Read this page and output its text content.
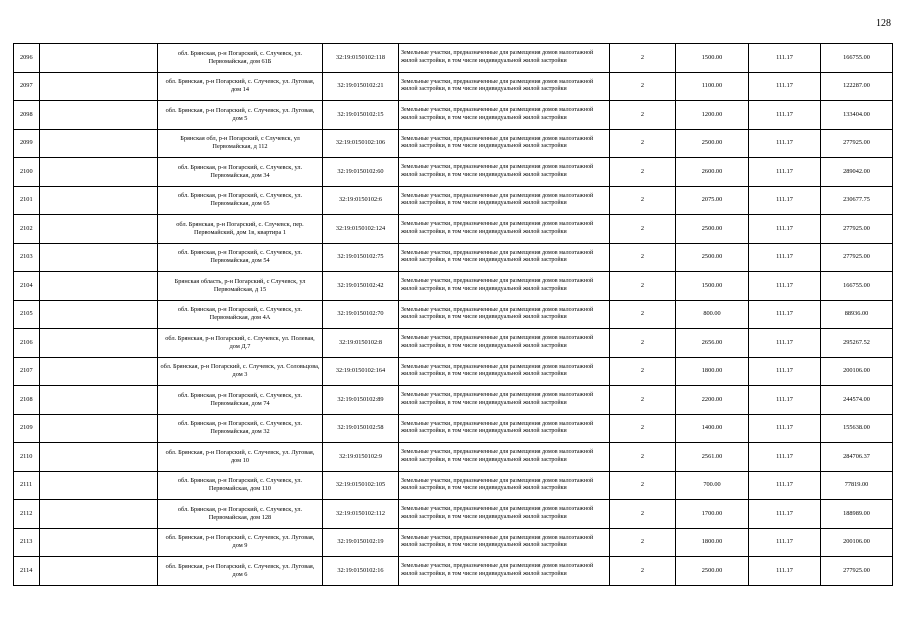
128
2096		обл. Брянская, р-н Погарский, с. Случевск, ул. Первомайская, дом 61Б	32:19:0150102:118	Земельные участки, предназначенные для размещения домов малоэтажной жилой застройки, в том числе индивидуальной жилой застройки	2	1500.00	111.17	166755.00
2097		обл. Брянская, р-н Погарский, с. Случевск, ул. Луговая, дом 14	32:19:0150102:21	Земельные участки, предназначенные для размещения домов малоэтажной жилой застройки, в том числе индивидуальной жилой застройки	2	1100.00	111.17	122287.00
2098		обл. Брянская, р-н Погарский, с. Случевск, ул. Луговая, дом 5	32:19:0150102:15	Земельные участки, предназначенные для размещения домов малоэтажной жилой застройки, в том числе индивидуальной жилой застройки	2	1200.00	111.17	133404.00
2099		Брянская обл, р-н Погарский, с Случевск, ул Первомайская, д 112	32:19:0150102:106	Земельные участки, предназначенные для размещения домов малоэтажной жилой застройки, в том числе индивидуальной жилой застройки	2	2500.00	111.17	277925.00
2100		обл. Брянская, р-н Погарский, с. Случевск, ул. Первомайская, дом 34	32:19:0150102:60	Земельные участки, предназначенные для размещения домов малоэтажной жилой застройки, в том числе индивидуальной жилой застройки	2	2600.00	111.17	289042.00
2101		обл. Брянская, р-н Погарский, с. Случевск, ул. Первомайская, дом 65	32:19:0150102:6	Земельные участки, предназначенные для размещения домов малоэтажной жилой застройки, в том числе индивидуальной жилой застройки	2	2075.00	111.17	230677.75
2102		обл. Брянская, р-н Погарский, с. Случевск, пер. Первомайский, дом 1в, квартира 1	32:19:0150102:124	Земельные участки, предназначенные для размещения домов малоэтажной жилой застройки, в том числе индивидуальной жилой застройки	2	2500.00	111.17	277925.00
2103		обл. Брянская, р-н Погарский, с. Случевск, ул. Первомайская, дом 54	32:19:0150102:75	Земельные участки, предназначенные для размещения домов малоэтажной жилой застройки, в том числе индивидуальной жилой застройки	2	2500.00	111.17	277925.00
2104		Брянская область, р-н Погарский, с Случевск, ул Первомайская, д 15	32:19:0150102:42	Земельные участки, предназначенные для размещения домов малоэтажной жилой застройки, в том числе индивидуальной жилой застройки	2	1500.00	111.17	166755.00
2105		обл. Брянская, р-н Погарский, с. Случевск, ул. Первомайская, дом 4А	32:19:0150102:70	Земельные участки, предназначенные для размещения домов малоэтажной жилой застройки, в том числе индивидуальной жилой застройки	2	800.00	111.17	88936.00
2106		обл. Брянская, р-н Погарский, с. Случевск, ул. Полевая, дом Д.7	32:19:0150102:8	Земельные участки, предназначенные для размещения домов малоэтажной жилой застройки, в том числе индивидуальной жилой застройки	2	2656.00	111.17	295267.52
2107		обл. Брянская, р-н Погарский, с. Случевск, ул. Соловьцова, дом 3	32:19:0150102:164	Земельные участки, предназначенные для размещения домов малоэтажной жилой застройки, в том числе индивидуальной жилой застройки	2	1800.00	111.17	200106.00
2108		обл. Брянская, р-н Погарский, с. Случевск, ул. Первомайская, дом 74	32:19:0150102:89	Земельные участки, предназначенные для размещения домов малоэтажной жилой застройки, в том числе индивидуальной жилой застройки	2	2200.00	111.17	244574.00
2109		обл. Брянская, р-н Погарский, с. Случевск, ул. Первомайская, дом 32	32:19:0150102:58	Земельные участки, предназначенные для размещения домов малоэтажной жилой застройки, в том числе индивидуальной жилой застройки	2	1400.00	111.17	155638.00
2110		обл. Брянская, р-н Погарский, с. Случевск, ул. Луговая, дом 10	32:19:0150102:9	Земельные участки, предназначенные для размещения домов малоэтажной жилой застройки, в том числе индивидуальной жилой застройки	2	2561.00	111.17	284706.37
2111		обл. Брянская, р-н Погарский, с. Случевск, ул. Первомайская, дом 110	32:19:0150102:105	Земельные участки, предназначенные для размещения домов малоэтажной жилой застройки, в том числе индивидуальной жилой застройки	2	700.00	111.17	77819.00
2112		обл. Брянская, р-н Погарский, с. Случевск, ул. Первомайская, дом 128	32:19:0150102:112	Земельные участки, предназначенные для размещения домов малоэтажной жилой застройки, в том числе индивидуальной жилой застройки	2	1700.00	111.17	188989.00
2113		обл. Брянская, р-н Погарский, с. Случевск, ул. Луговая, дом 9	32:19:0150102:19	Земельные участки, предназначенные для размещения домов малоэтажной жилой застройки, в том числе индивидуальной жилой застройки	2	1800.00	111.17	200106.00
2114		обл. Брянская, р-н Погарский, с. Случевск, ул. Луговая, дом 6	32:19:0150102:16	Земельные участки, предназначенные для размещения домов малоэтажной жилой застройки, в том числе индивидуальной жилой застройки	2	2500.00	111.17	277925.00
